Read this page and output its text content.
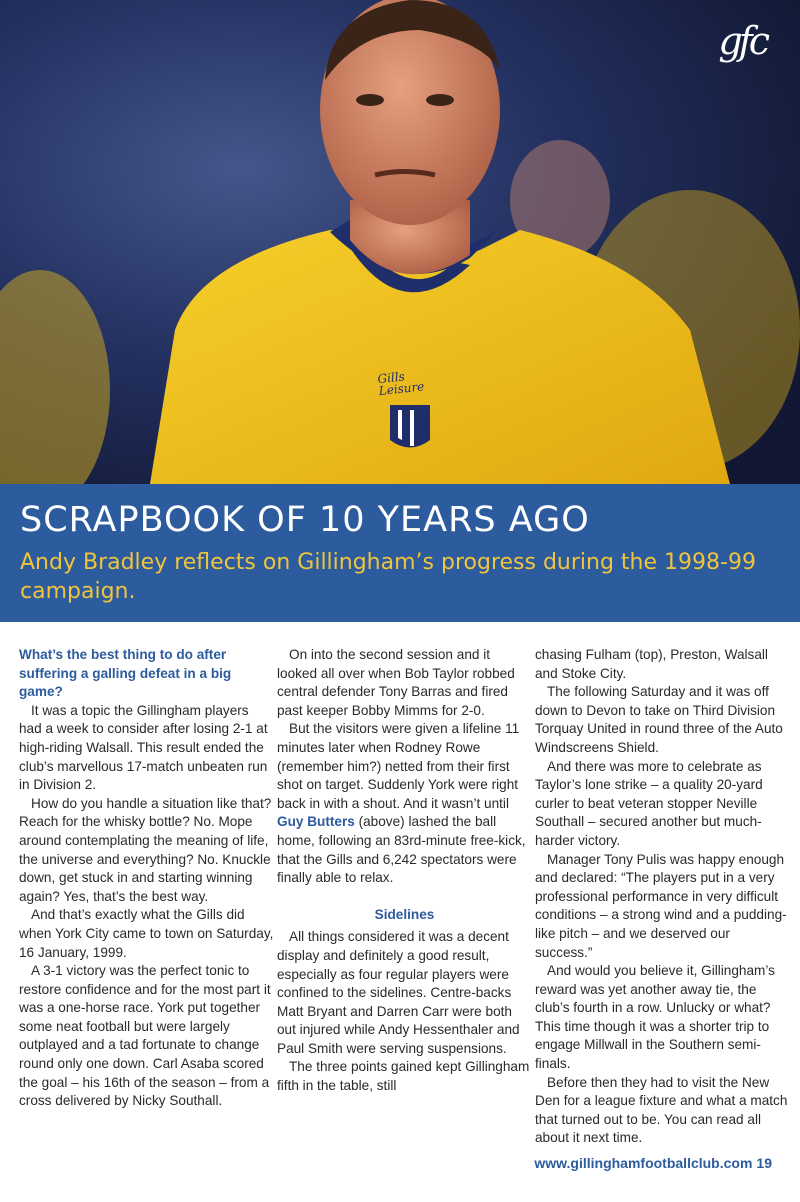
Gills Leisure
gfc
SCRAPBOOK OF 10 YEARS AGO

Andy Bradley reflects on Gillingham’s progress during the 1998-99 campaign.

What’s the best thing to do after
suffering a galling defeat in a big
game?

It was a topic the Gillingham players had a week to consider after losing 2-1 at high-riding Walsall. This result ended the club’s marvellous 17-match unbeaten run in Division 2.

How do you handle a situation like that? Reach for the whisky bottle? No. Mope around contemplating the meaning of life, the universe and everything? No. Knuckle down, get stuck in and starting winning again? Yes, that’s the best way.

And that’s exactly what the Gills did when York City came to town on Saturday, 16 January, 1999.

A 3-1 victory was the perfect tonic to restore confidence and for the most part it was a one-horse race. York put together some neat football but were largely outplayed and a tad fortunate to change round only one down. Carl Asaba scored the goal – his 16th of the season – from a cross delivered by Nicky Southall.

On into the second session and it looked all over when Bob Taylor robbed central defender Tony Barras and fired past keeper Bobby Mimms for 2-0.

But the visitors were given a lifeline 11 minutes later when Rodney Rowe (remember him?) netted from their first shot on target. Suddenly York were right back in with a shout. And it wasn’t until Guy Butters (above) lashed the ball home, following an 83rd-minute free-kick, that the Gills and 6,242 spectators were finally able to relax.

Sidelines

All things considered it was a decent display and definitely a good result, especially as four regular players were confined to the sidelines. Centre-backs Matt Bryant and Darren Carr were both out injured while Andy Hessenthaler and Paul Smith were serving suspensions.

The three points gained kept Gillingham fifth in the table, still

chasing Fulham (top), Preston, Walsall and Stoke City.

The following Saturday and it was off down to Devon to take on Third Division Torquay United in round three of the Auto Windscreens Shield.

And there was more to celebrate as Taylor’s lone strike – a quality 20-yard curler to beat veteran stopper Neville Southall – secured another but much-harder victory.

Manager Tony Pulis was happy enough and declared: “The players put in a very professional performance in very difficult conditions – a strong wind and a pudding-like pitch – and we deserved our success.”

And would you believe it, Gillingham’s reward was yet another away tie, the club’s fourth in a row. Unlucky or what? This time though it was a shorter trip to engage Millwall in the Southern semi-finals.

Before then they had to visit the New Den for a league fixture and what a match that turned out to be. You can read all about it next time.

www.gillinghamfootballclub.com 19
